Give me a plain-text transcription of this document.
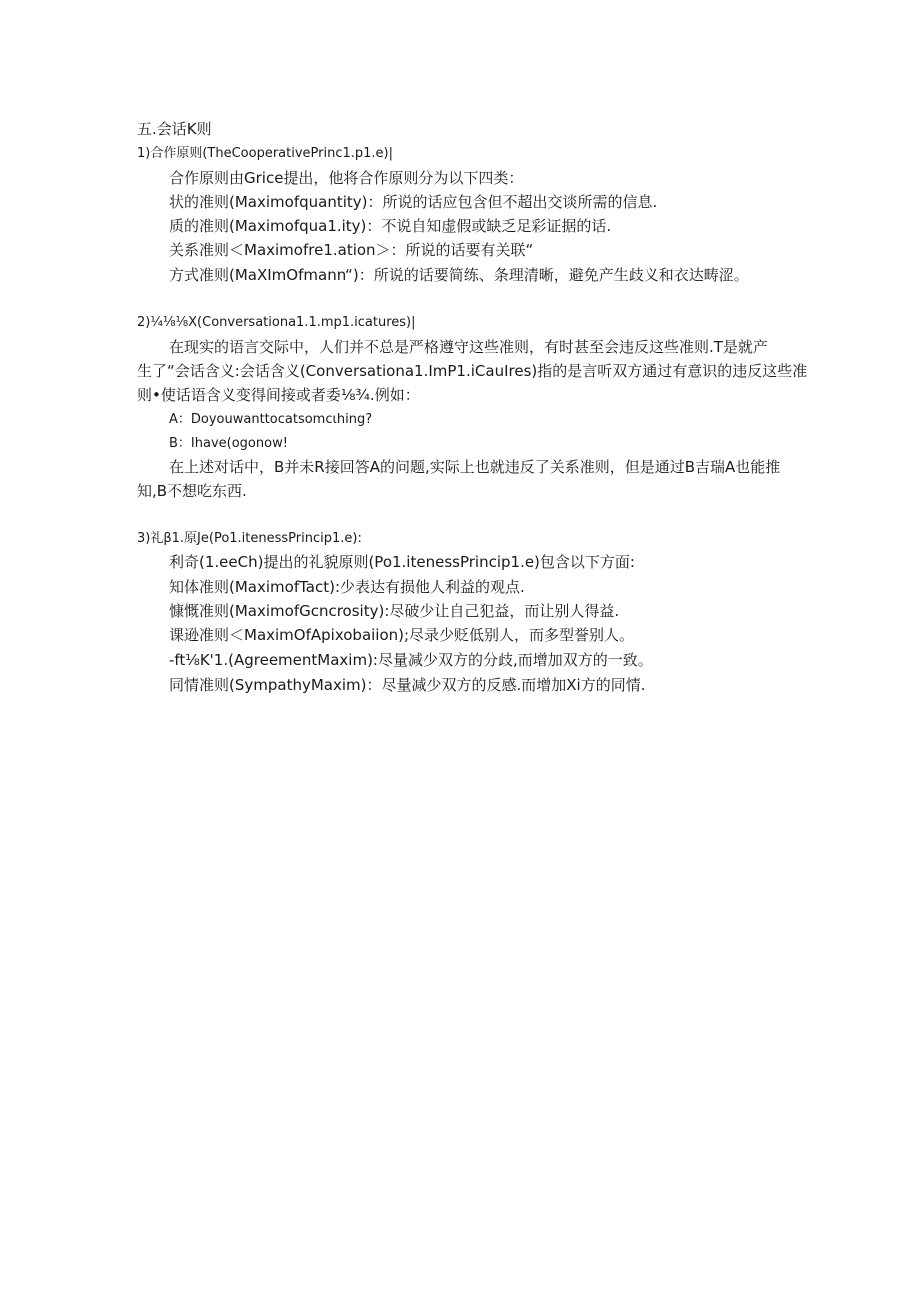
五.会话K则
1)合作原则(TheCooperativePrinc1.p1.e)|
合作原则由Grice提出，他将合作原则分为以下四类：
状的准则(Maximofquantity)：所说的话应包含但不超出交谈所需的信息.
质的准则(Maximofqua1.ity)：不说自知虚假或缺乏足彩证据的话.
关系准则＜Maximofre1.ation＞：所说的话要有关联“
方式准则(MaXImOfmann“)：所说的话要简练、条理清晰，避免产生歧义和衣达畴涩。
2)¼⅛⅛X(Conversationa1.1.mp1.icatures)|
在现实的语言交际中，人们并不总是严格遵守这些准则，有时甚至会违反这些准则.T是就产
生了“会话含义:会话含义(Conversationa1.ImP1.iCauIres)指的是言听双方通过有意识的违反这些准
则•使话语含义变得间接或者委⅛¾.例如：
A：Doyouwanttocatsomcιhing?
B：Ihave(ogonow!
在上述对话中，B并未R接回答A的问题,实际上也就违反了关系准则，但是通过B吉瑞A也能推
知,B不想吃东西.
3)礼β1.原Je(Po1.itenessPrincip1.e):
利奇(1.eeCh)提出的礼貌原则(Po1.itenessPrincip1.e)包含以下方面:
知体准则(MaximofTact):少表达有损他人利益的观点.
慷慨准则(MaximofGcncrosity):尽破少让自己犯益，而让别人得益.
课逊准则＜MaximOfApixobaiion);尽录少贬低别人，而多型誉别人。
-ft⅛K'1.(AgreementMaxim):尽量减少双方的分歧,而增加双方的一致。
同情准则(SympathyMaxim)：尽量减少双方的反感.而增加Xi方的同情.
